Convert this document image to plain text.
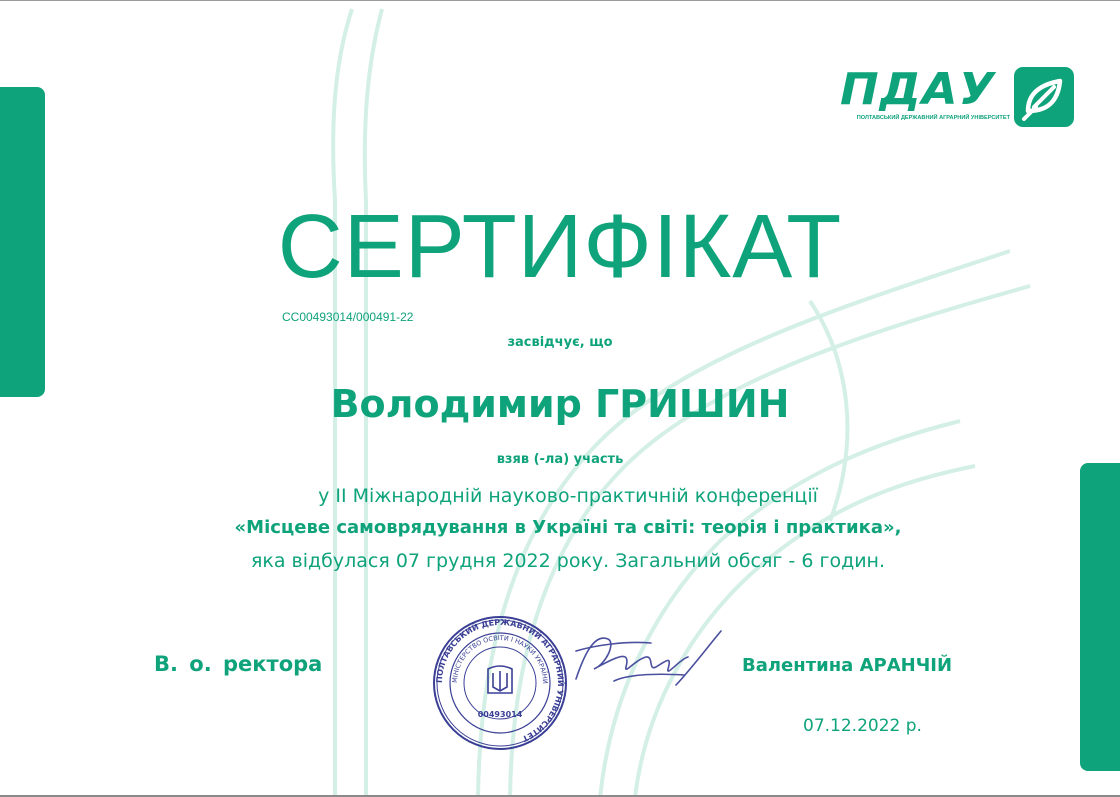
ПДАУ
ПОЛТАВСЬКИЙ ДЕРЖАВНИЙ АГРАРНИЙ УНІВЕРСИТЕТ
СЕРТИФІКАТ
CC00493014/000491-22
засвідчує, що
Володимир ГРИШИН
взяв (-ла) участь
у ІІ Міжнародній науково-практичній конференції
«Місцеве самоврядування в Україні та світі: теорія і практика»,
яка відбулася 07 грудня 2022 року. Загальний обсяг - 6 годин.
В. о. ректора
ПОЛТАВСЬКИЙ ДЕРЖАВНИЙ АГРАРНИЙ УНІВЕРСИТЕТ
МІНІСТЕРСТВО ОСВІТИ І НАУКИ УКРАЇНИ
00493014
Валентина АРАНЧІЙ
07.12.2022 р.
